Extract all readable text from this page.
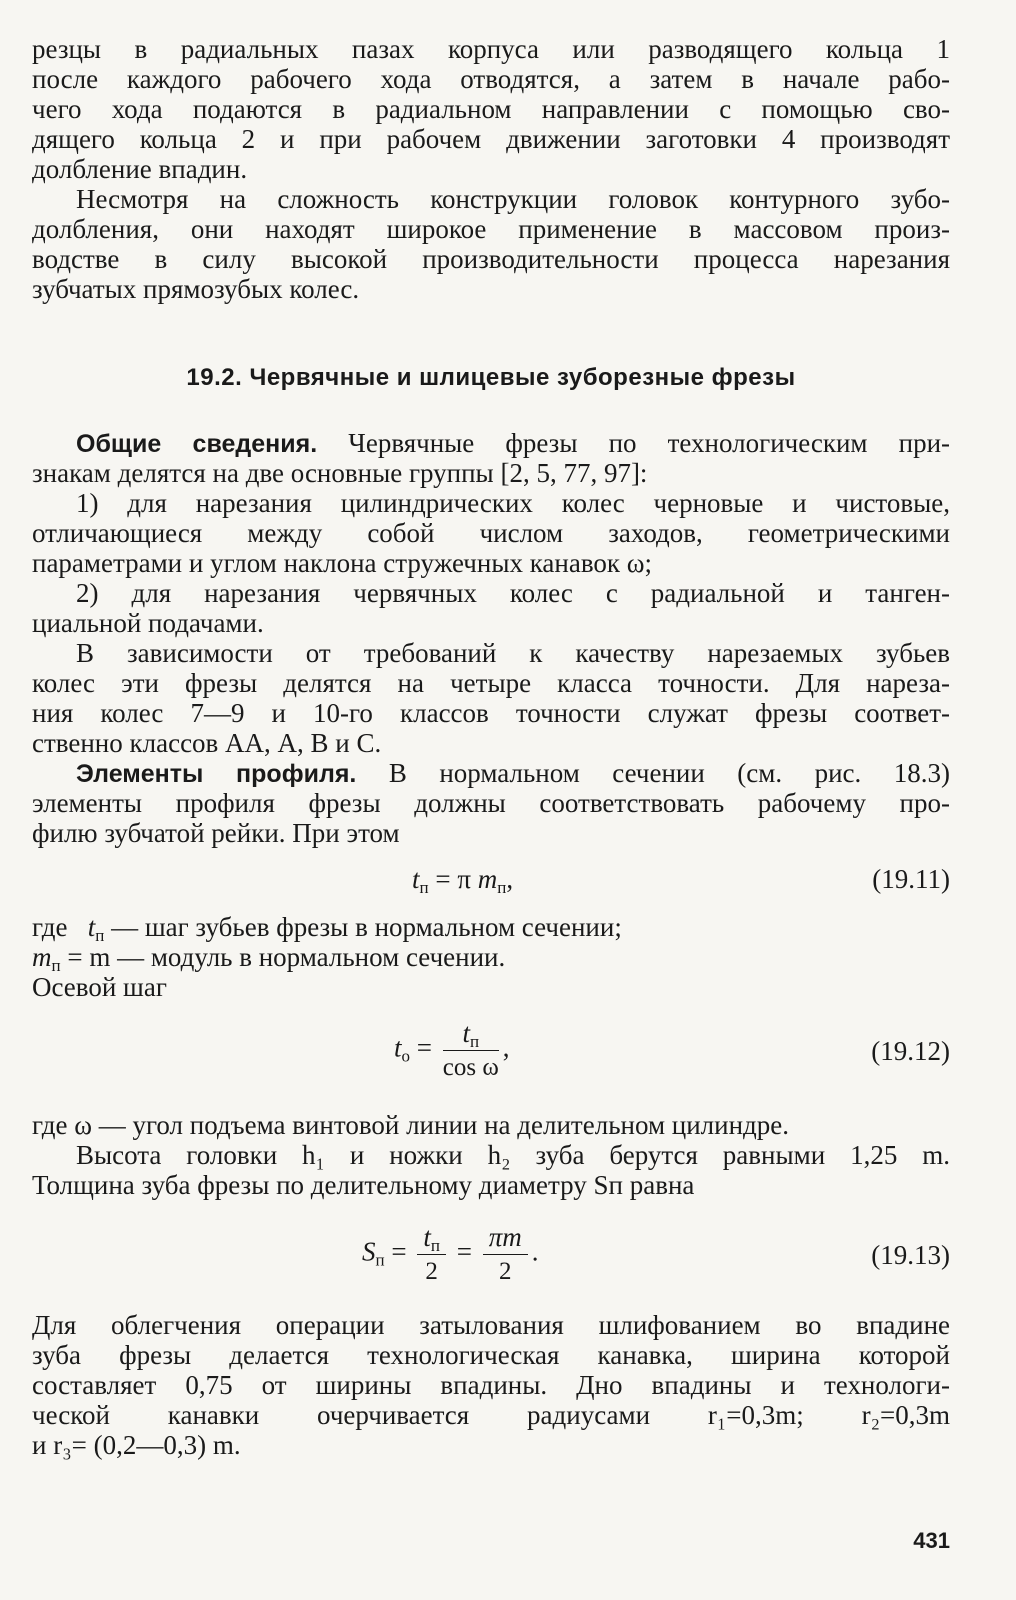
резцы в радиальных пазах корпуса или разводящего кольца 1
после каждого рабочего хода отводятся, а затем в начале рабо-
чего хода подаются в радиальном направлении с помощью сво-
дящего кольца 2 и при рабочем движении заготовки 4 производят
долбление впадин.
Несмотря на сложность конструкции головок контурного зубо-
долбления, они находят широкое применение в массовом произ-
водстве в силу высокой производительности процесса нарезания
зубчатых прямозубых колес.
19.2. Червячные и шлицевые зуборезные фрезы
Общие сведения. Червячные фрезы по технологическим при-
знакам делятся на две основные группы [2, 5, 77, 97]:
1) для нарезания цилиндрических колес черновые и чистовые,
отличающиеся между собой числом заходов, геометрическими
параметрами и углом наклона стружечных канавок ω;
2) для нарезания червячных колес с радиальной и танген-
циальной подачами.
В зависимости от требований к качеству нарезаемых зубьев
колес эти фрезы делятся на четыре класса точности. Для нареза-
ния колес 7—9 и 10-го классов точности служат фрезы соответ-
ственно классов АА, А, В и С.
Элементы профиля. В нормальном сечении (см. рис. 18.3)
элементы профиля фрезы должны соответствовать рабочему про-
филю зубчатой рейки. При этом
$t_п = \pi$ $m_п$,	(19.11)
где $t_п$ — шаг зубьев фрезы в нормальном сечении;
$m_п = m$ — модуль в нормальном сечении.
Осевой шаг
$t_о = \frac{t_п}{\text{cos ω}}$ ,	(19.12)
где ω — угол подъема винтовой линии на делительном цилиндре.
Высота головки h₁ и ножки h₂ зуба берутся равными 1,25 m.
Толщина зуба фрезы по делительному диаметру Sп равна
$S_п = \frac{t_п}{2} = \frac{\pi m}{2}$ .	(19.13)
Для облегчения операции затылования шлифованием во впадине
зуба фрезы делается технологическая канавка, ширина которой
составляет 0,75 от ширины впадины. Дно впадины и технологи-
ческой канавки очерчивается радиусами r₁=0,3m; r₂=0,3m
и r₃= (0,2—0,3) m.
431
